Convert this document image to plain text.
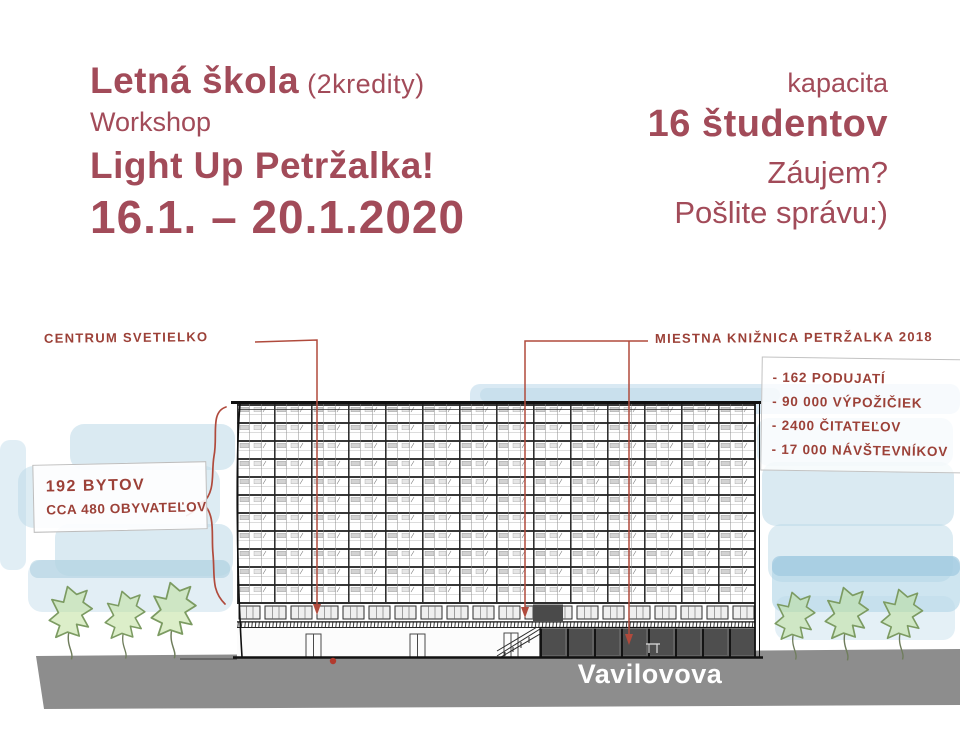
Letná škola (2kredity)
Workshop
Light Up Petržalka!
16.1. – 20.1.2020
kapacita
16 študentov
Záujem?
Pošlite správu:)
CENTRUM SVETIELKO	MIESTNA KNIŽNICA PETRŽALKA 2018
- 162 PODUJATÍ
- 90 000 VÝPOŽIČIEK
- 2400 ČITATEĽOV
- 17 000 NÁVŠTEVNÍKOV
192 BYTOV
CCA 480 OBYVATEĽOV
Vavilovova
